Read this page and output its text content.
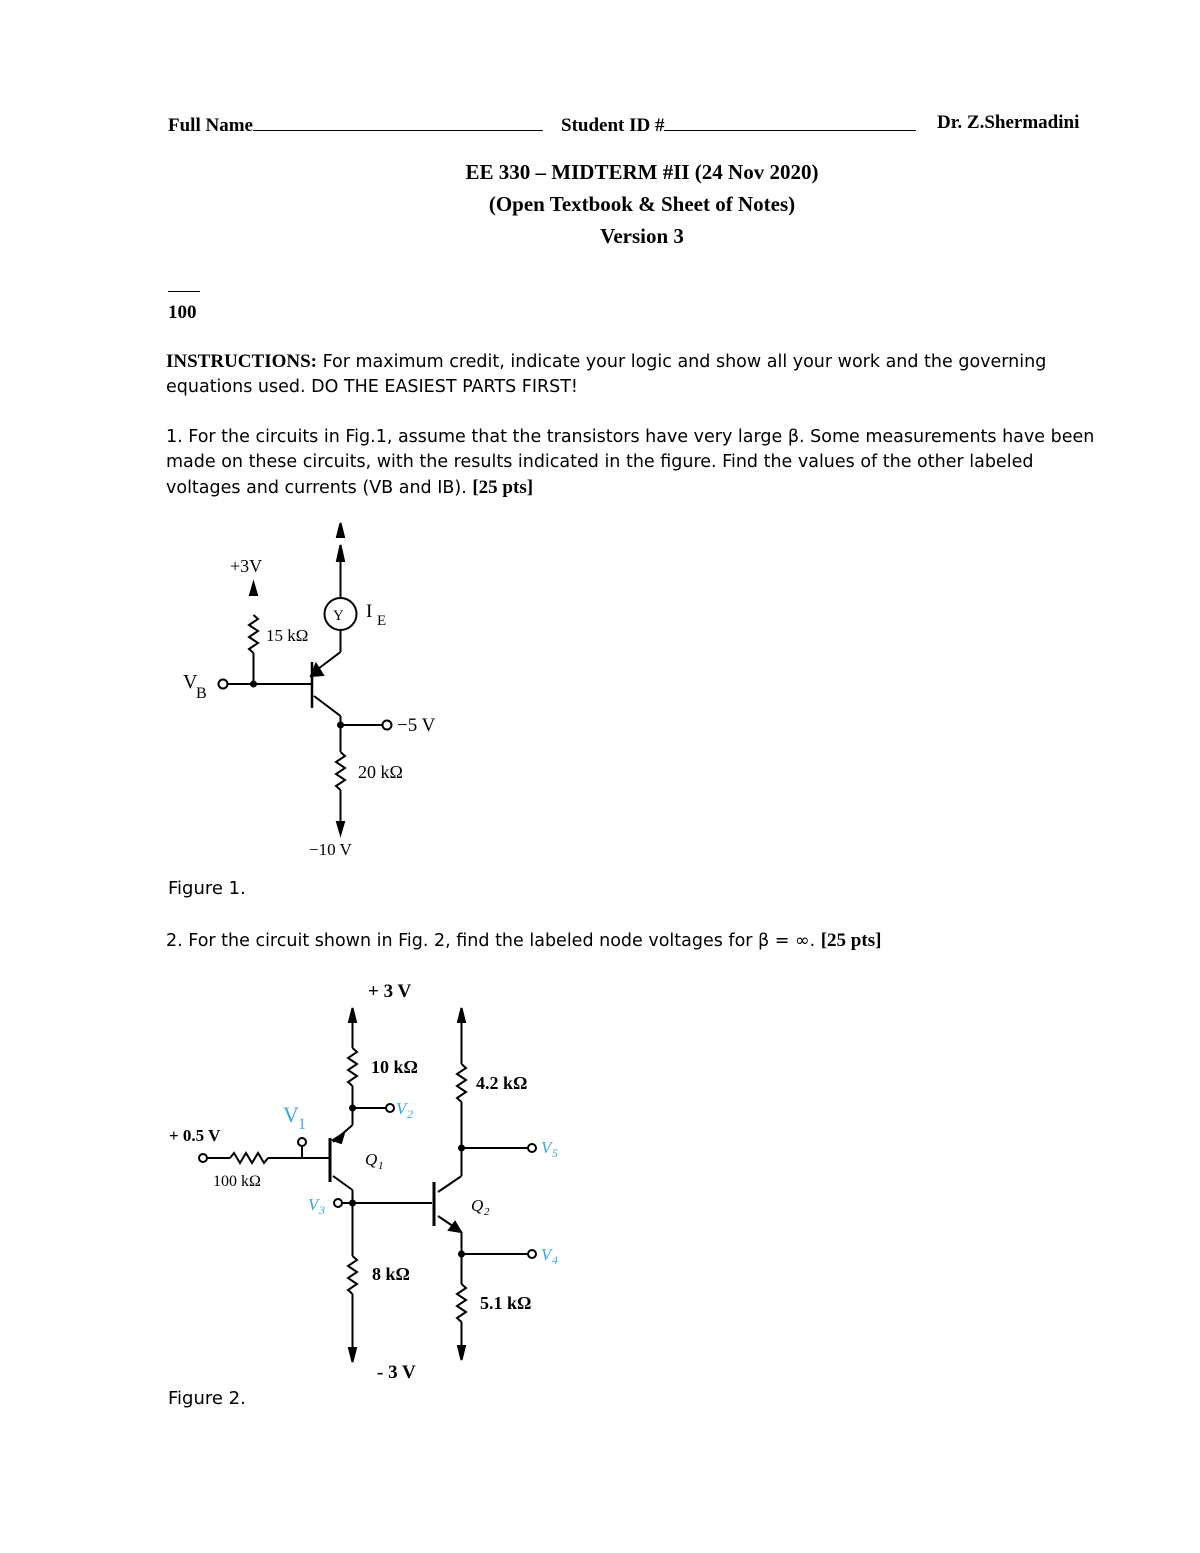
Full Name	Student ID #	Dr. Z.Shermadini
EE 330 – MIDTERM #II (24 Nov 2020)
(Open Textbook & Sheet of Notes)
Version 3
100
INSTRUCTIONS: For maximum credit, indicate your logic and show all your work and the governing equations used. DO THE EASIEST PARTS FIRST!
1. For the circuits in Fig.1, assume that the transistors have very large β. Some measurements have been made on these circuits, with the results indicated in the figure. Find the values of the other labeled voltages and currents (VB and IB). [25 pts]
+3V
15 kΩ
Y I E
V
B
−5 V
20 kΩ
−10 V
Figure 1.
2. For the circuit shown in Fig. 2, find the labeled node voltages for β = ∞. [25 pts]
+ 3 V
10 kΩ
4.2 kΩ
V 2
V 1
+ 0.5 V
100 kΩ
Q 1
V 3	Q 2
V 5
V 4
8 kΩ
5.1 kΩ
- 3 V
Figure 2.
